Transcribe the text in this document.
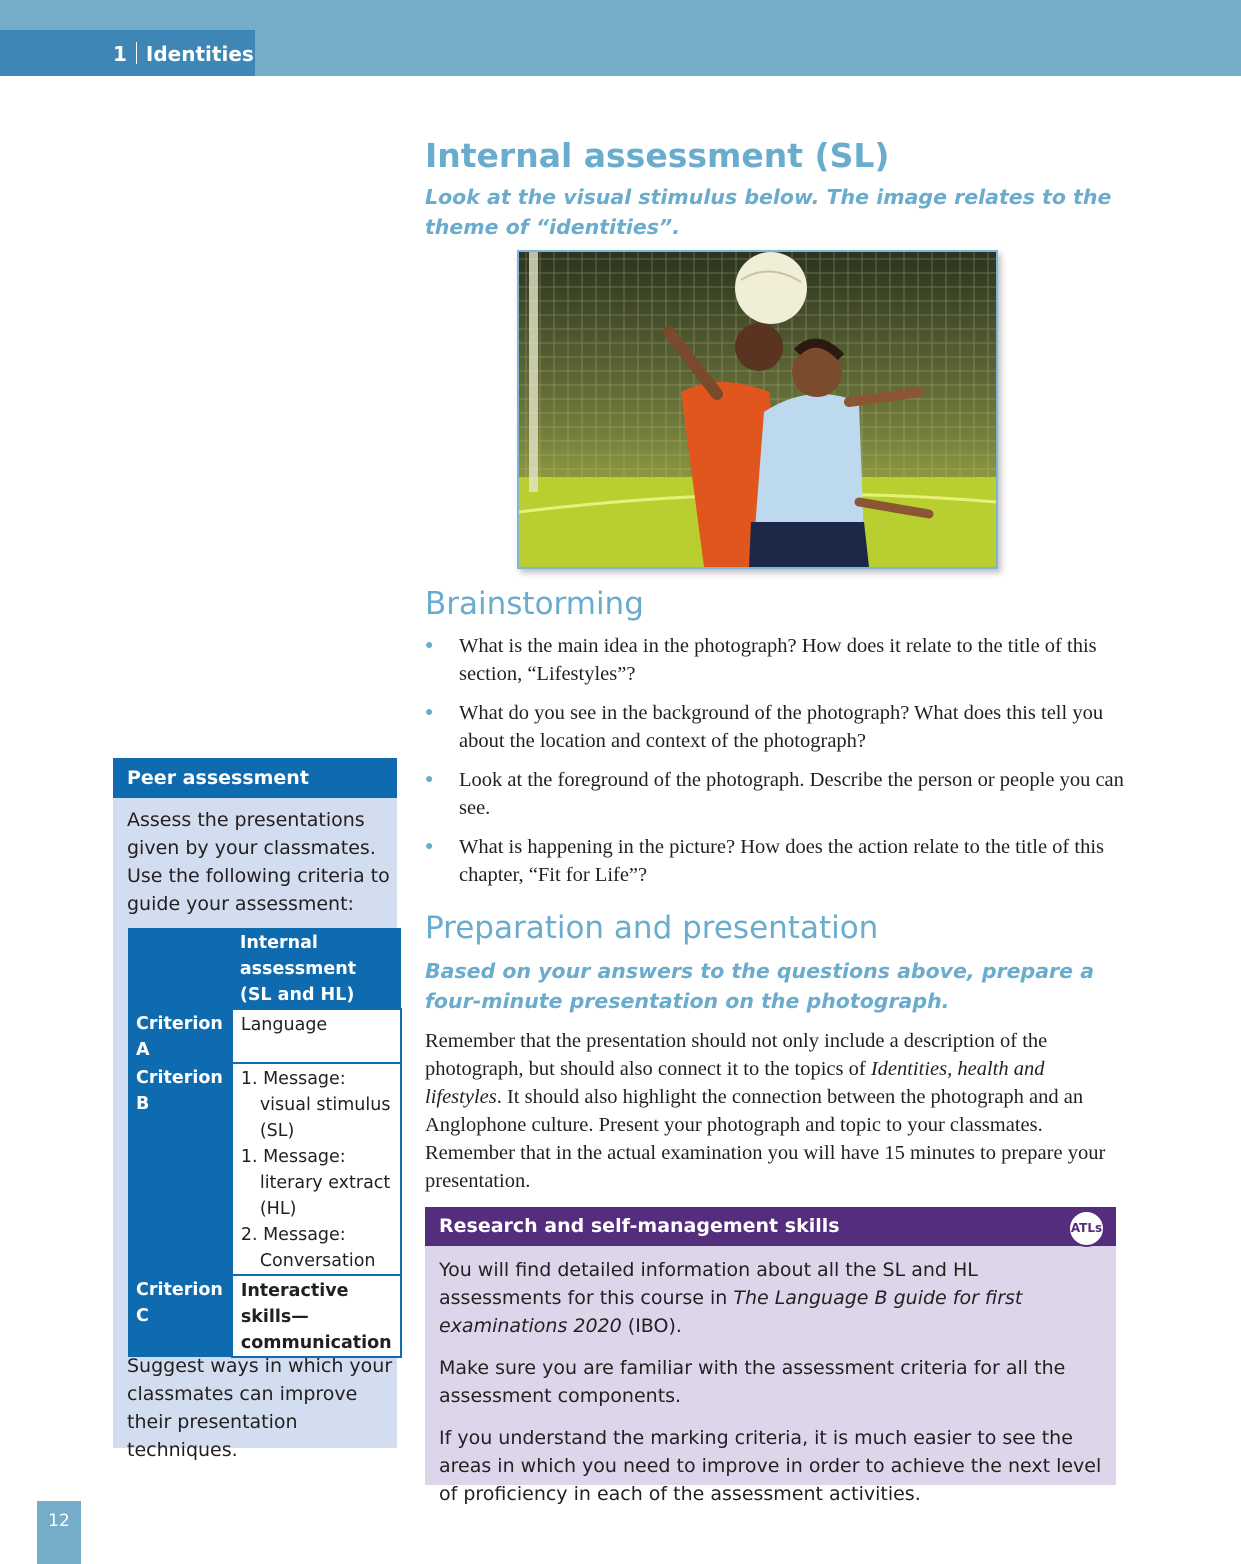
1 Identities
Internal assessment (SL)

Look at the visual stimulus below. The image relates to the theme of “identities”.

Brainstorming
● What is the main idea in the photograph? How does it relate to the title of this section, “Lifestyles”?
● What do you see in the background of the photograph? What does this tell you about the location and context of the photograph?
● Look at the foreground of the photograph. Describe the person or people you can see.
● What is happening in the picture? How does the action relate to the title of this chapter, “Fit for Life”?
Preparation and presentation

Based on your answers to the questions above, prepare a four-minute presentation on the photograph.

Remember that the presentation should not only include a description of the photograph, but should also connect it to the topics of Identities, health and lifestyles. It should also highlight the connection between the photograph and an Anglophone culture. Present your photograph and topic to your classmates. Remember that in the actual examination you will have 15 minutes to prepare your presentation.

Research and self-management skills	ATLs

You will find detailed information about all the SL and HL assessments for this course in The Language B guide for first examinations 2020 (IBO).

Make sure you are familiar with the assessment criteria for all the assessment components.

If you understand the marking criteria, it is much easier to see the areas in which you need to improve in order to achieve the next level of proficiency in each of the assessment activities.

Peer assessment

Assess the presentations given by your classmates. Use the following criteria to guide your assessment:

	Internal assessment (SL and HL)
Criterion A	Language
Criterion B	1. Message: visual stimulus (SL)
1. Message: literary extract (HL)
2. Message: Conversation

Criterion C	Interactive skills— communication

Suggest ways in which your classmates can improve their presentation techniques.

12
